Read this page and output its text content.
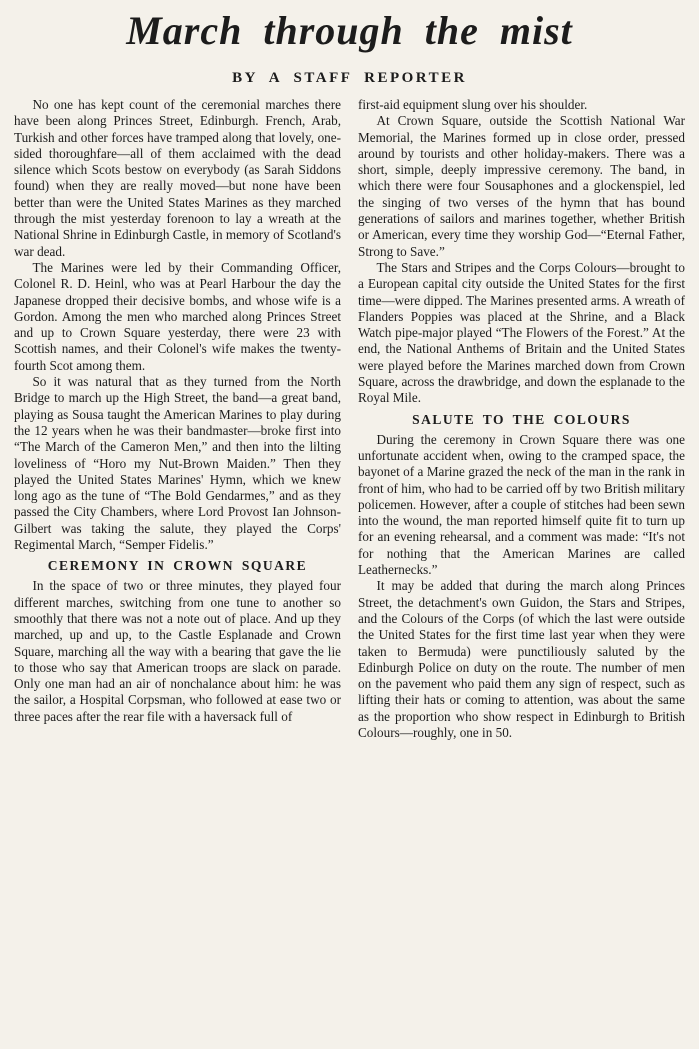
March through the mist
BY A STAFF REPORTER

No one has kept count of the ceremonial marches there have been along Princes Street, Edinburgh. French, Arab, Turkish and other forces have tramped along that lovely, one-sided thoroughfare—all of them acclaimed with the dead silence which Scots bestow on everybody (as Sarah Siddons found) when they are really moved—but none have been better than were the United States Marines as they marched through the mist yesterday forenoon to lay a wreath at the National Shrine in Edinburgh Castle, in memory of Scotland's war dead.

The Marines were led by their Commanding Officer, Colonel R. D. Heinl, who was at Pearl Harbour the day the Japanese dropped their decisive bombs, and whose wife is a Gordon. Among the men who marched along Princes Street and up to Crown Square yesterday, there were 23 with Scottish names, and their Colonel's wife makes the twenty-fourth Scot among them.

So it was natural that as they turned from the North Bridge to march up the High Street, the band—a great band, playing as Sousa taught the American Marines to play during the 12 years when he was their bandmaster—broke first into “The March of the Cameron Men,” and then into the lilting loveliness of “Horo my Nut-Brown Maiden.” Then they played the United States Marines' Hymn, which we knew long ago as the tune of “The Bold Gendarmes,” and as they passed the City Chambers, where Lord Provost Ian Johnson-Gilbert was taking the salute, they played the Corps' Regimental March, “Semper Fidelis.”

CEREMONY IN CROWN SQUARE

In the space of two or three minutes, they played four different marches, switching from one tune to another so smoothly that there was not a note out of place. And up they marched, up and up, to the Castle Esplanade and Crown Square, marching all the way with a bearing that gave the lie to those who say that American troops are slack on parade. Only one man had an air of nonchalance about him: he was the sailor, a Hospital Corpsman, who followed at ease two or three paces after the rear file with a haversack full of

first-aid equipment slung over his shoulder.

At Crown Square, outside the Scottish National War Memorial, the Marines formed up in close order, pressed around by tourists and other holiday-makers. There was a short, simple, deeply impressive ceremony. The band, in which there were four Sousaphones and a glockenspiel, led the singing of two verses of the hymn that has bound generations of sailors and marines together, whether British or American, every time they worship God—“Eternal Father, Strong to Save.”

The Stars and Stripes and the Corps Colours—brought to a European capital city outside the United States for the first time—were dipped. The Marines presented arms. A wreath of Flanders Poppies was placed at the Shrine, and a Black Watch pipe-major played “The Flowers of the Forest.” At the end, the National Anthems of Britain and the United States were played before the Marines marched down from Crown Square, across the drawbridge, and down the esplanade to the Royal Mile.

SALUTE TO THE COLOURS

During the ceremony in Crown Square there was one unfortunate accident when, owing to the cramped space, the bayonet of a Marine grazed the neck of the man in the rank in front of him, who had to be carried off by two British military policemen. However, after a couple of stitches had been sewn into the wound, the man reported himself quite fit to turn up for an evening rehearsal, and a comment was made: “It's not for nothing that the American Marines are called Leathernecks.”

It may be added that during the march along Princes Street, the detachment's own Guidon, the Stars and Stripes, and the Colours of the Corps (of which the last were outside the United States for the first time last year when they were taken to Bermuda) were punctiliously saluted by the Edinburgh Police on duty on the route. The number of men on the pavement who paid them any sign of respect, such as lifting their hats or coming to attention, was about the same as the proportion who show respect in Edinburgh to British Colours—roughly, one in 50.
